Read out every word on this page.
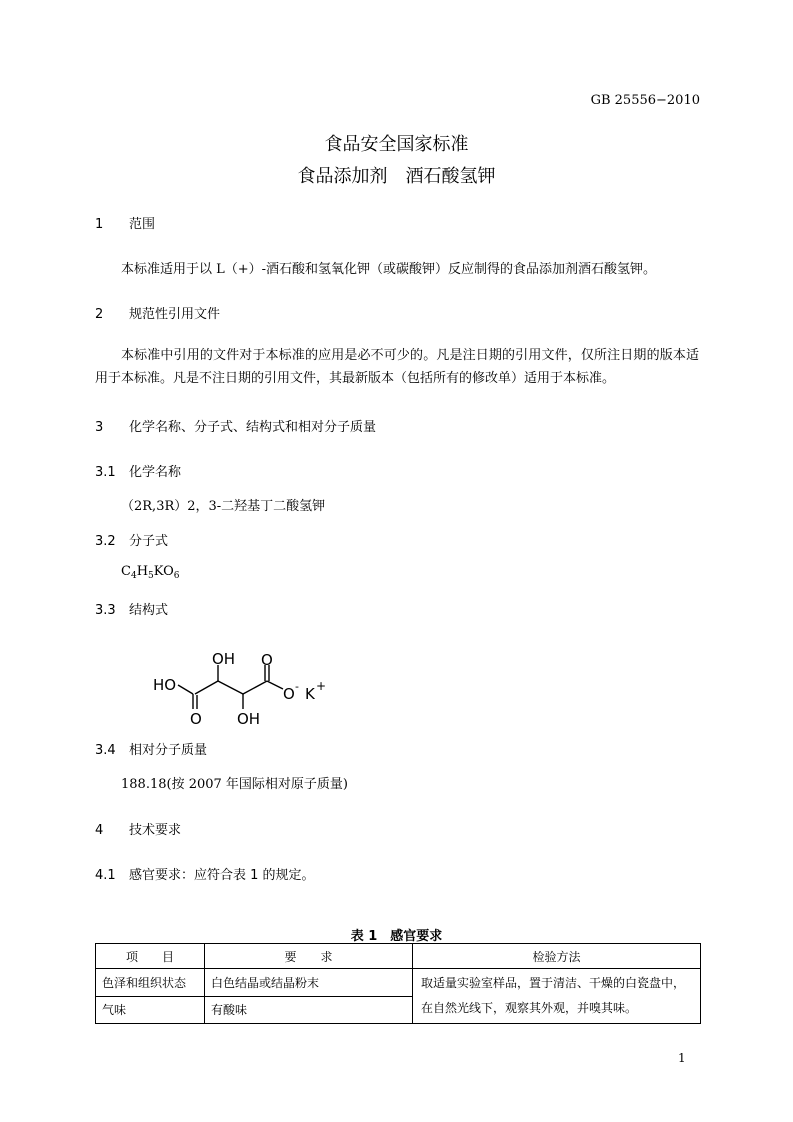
GB 25556−2010
食品安全国家标准
食品添加剂　酒石酸氢钾
1 范围
本标准适用于以 L（+）-酒石酸和氢氧化钾（或碳酸钾）反应制得的食品添加剂酒石酸氢钾。
2 规范性引用文件
本标准中引用的文件对于本标准的应用是必不可少的。凡是注日期的引用文件，仅所注日期的版本适用于本标准。凡是不注日期的引用文件，其最新版本（包括所有的修改单）适用于本标准。
3 化学名称、分子式、结构式和相对分子质量
3.1 化学名称
（2R,3R）2，3-二羟基丁二酸氢钾
3.2 分子式
$C_4H_5KO_6$
3.3 结构式
OH O
HO
O OH
O - K +
3.4 相对分子质量
188.18(按 2007 年国际相对原子质量)
4 技术要求
4.1 感官要求：应符合表 1 的规定。
表 1　感官要求
项　　目	要　　求	检验方法
色泽和组织状态	白色结晶或结晶粉末	取适量实验室样品，置于清洁、干燥的白瓷盘中，
在自然光线下，观察其外观，并嗅其味。

气味	有酸味	
1
